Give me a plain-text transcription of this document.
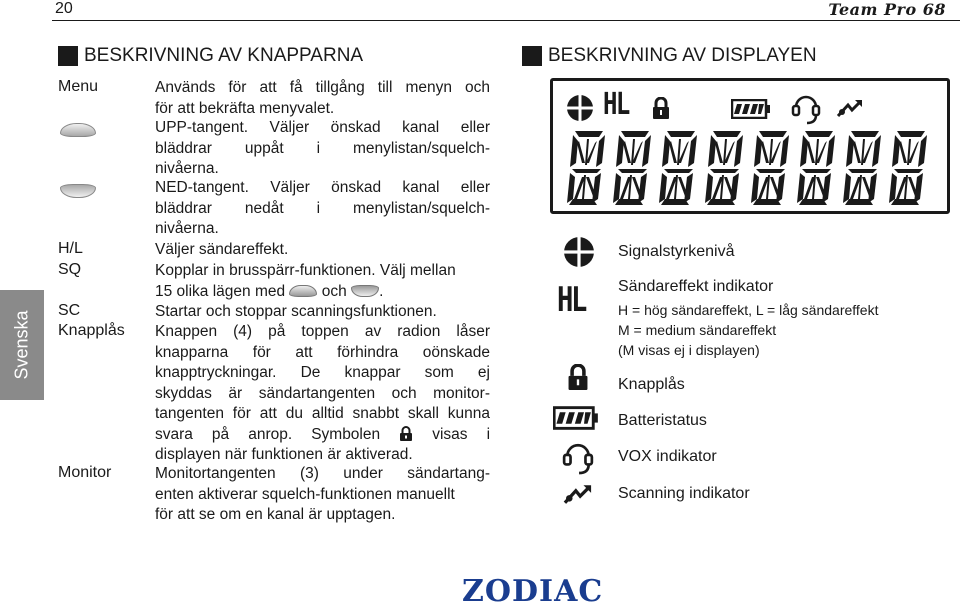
20	Team Pro 68
Svenska
BESKRIVNING AV KNAPPARNA
Menu	Används för att få tillgång till menyn och

för att bekräfta menyvalet.

UPP-tangent. Väljer önskad kanal eller

bläddrar uppåt i menylistan/squelch-

nivåerna.

NED-tangent. Väljer önskad kanal eller

bläddrar nedåt i menylistan/squelch-

nivåerna.

H/L	Väljer sändareffekt.
SQ	Kopplar in brusspärr-funktionen. Välj mellan

15 olika lägen med och .

SC	Startar och stoppar scanningsfunktionen.
Knapplås Knappen (4) på toppen av radion låser

knapparna för att förhindra oönskade

knapptryckningar. De knappar som ej

skyddas är sändartangenten och monitor-

tangenten för att du alltid snabbt skall kunna

svara på anrop. Symbolen	visas i

displayen när funktionen är aktiverad.

Monitor	Monitortangenten (3) under sändartang-

enten aktiverar squelch-funktionen manuellt

för att se om en kanal är upptagen.

BESKRIVNING AV DISPLAYEN
HL
Signalstyrkenivå
HL Sändareffekt indikator
H = hög sändareffekt, L = låg sändareffekt
M = medium sändareffekt
(M visas ej i displayen)
Knapplås
Batteristatus
VOX indikator
Scanning indikator
ZODIAC
